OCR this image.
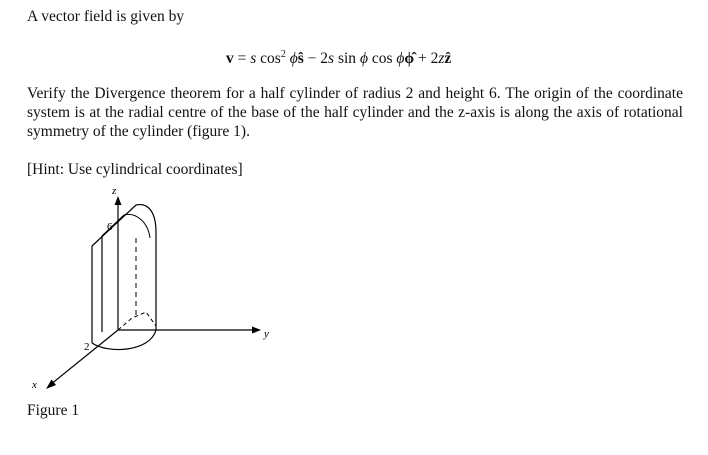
A vector field is given by
v = s $\cos^2$ ϕŝ − 2s sin ϕ cos ϕϕ̂ + 2zẑ
Verify the Divergence theorem for a half cylinder of radius 2 and height 6. The origin of the coordinate system is at the radial centre of the base of the half cylinder and the z-axis is along the axis of rotational symmetry of the cylinder (figure 1).
[Hint: Use cylindrical coordinates]
z
y
x
6
2
Figure 1
